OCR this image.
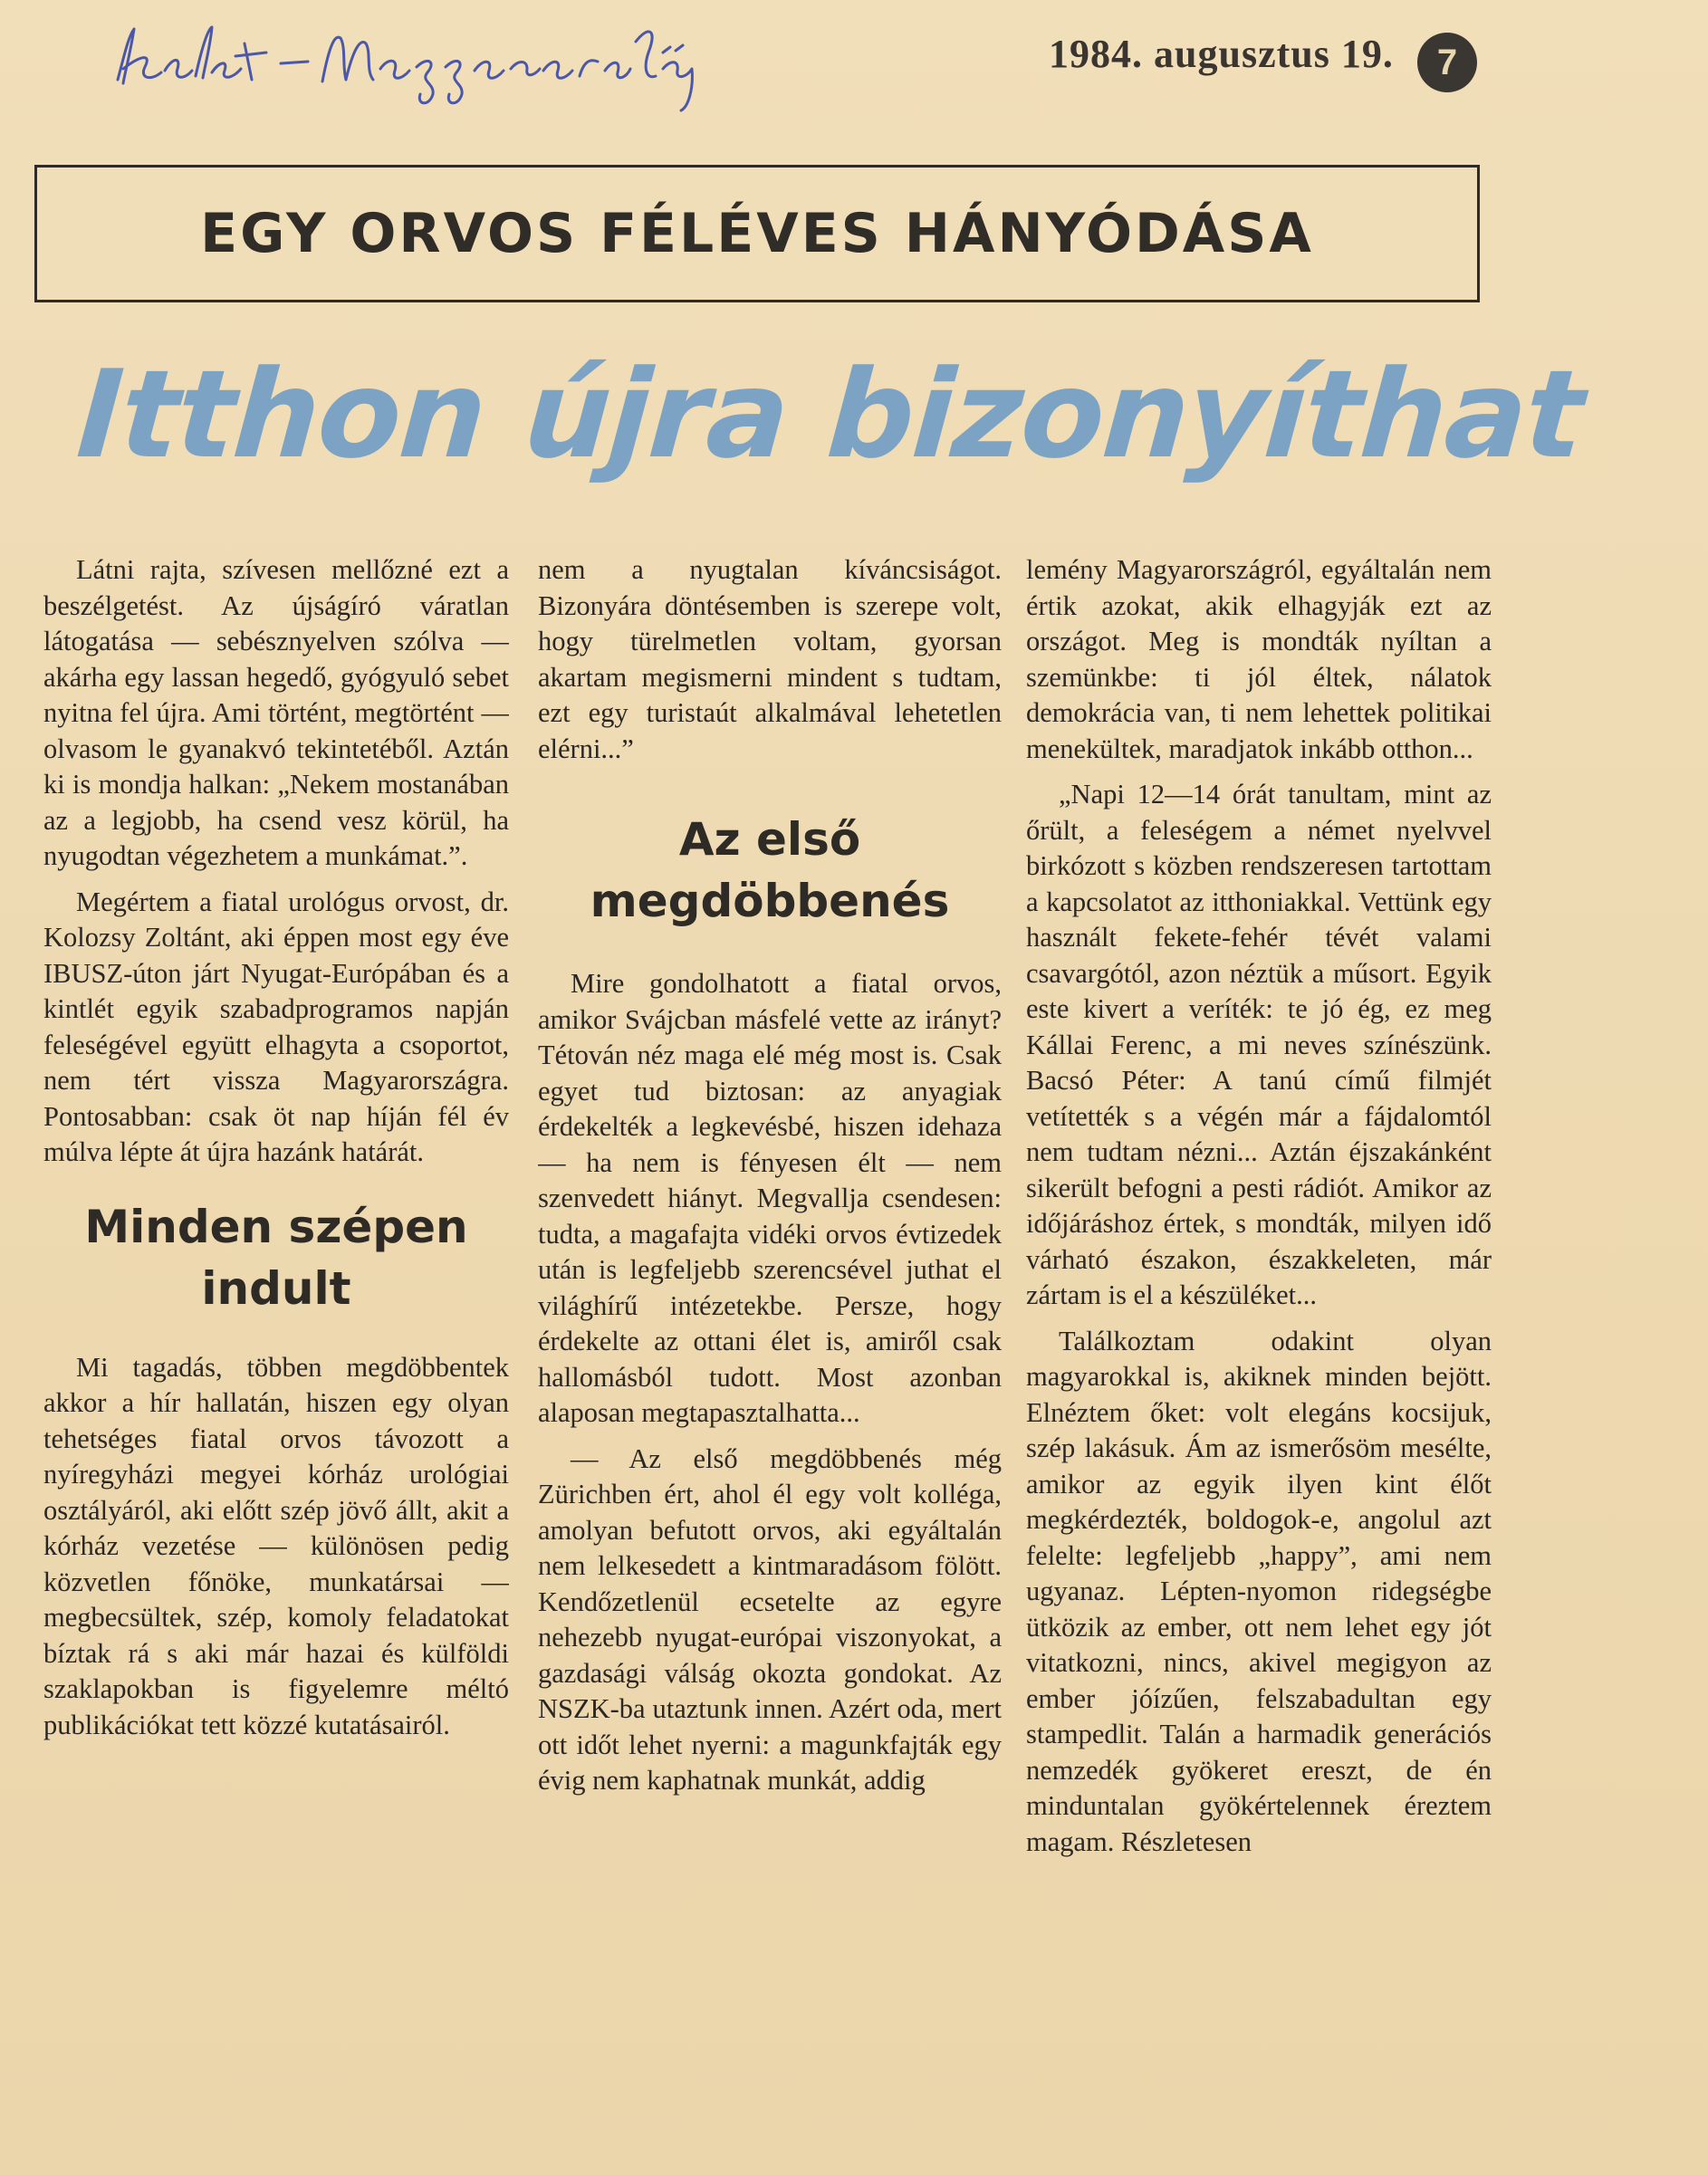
1984. augusztus 19.	7
EGY ORVOS FÉLÉVES HÁNYÓDÁSA
Itthon újra bizonyíthat

Látni rajta, szívesen mellőzné ezt a beszélgetést. Az újságíró váratlan látogatása — sebésznyelven szólva — akárha egy lassan hegedő, gyógyuló sebet nyitna fel újra. Ami történt, megtörtént — olvasom le gyanakvó tekintetéből. Aztán ki is mondja halkan: „Nekem mostanában az a legjobb, ha csend vesz körül, ha nyugodtan végezhetem a munkámat.”.

Megértem a fiatal urológus orvost, dr. Kolozsy Zoltánt, aki éppen most egy éve IBUSZ-úton járt Nyugat-Európában és a kintlét egyik szabadprogramos napján feleségével együtt elhagyta a csoportot, nem tért vissza Magyarországra. Pontosabban: csak öt nap híján fél év múlva lépte át újra hazánk határát.

Minden szépen
indult

Mi tagadás, többen megdöbbentek akkor a hír hallatán, hiszen egy olyan tehetséges fiatal orvos távozott a nyíregyházi megyei kórház urológiai osztályáról, aki előtt szép jövő állt, akit a kórház vezetése — különösen pedig közvetlen főnöke, munkatársai — megbecsültek, szép, komoly feladatokat bíztak rá s aki már hazai és külföldi szaklapokban is figyelemre méltó publikációkat tett közzé kutatásairól.

nem a nyugtalan kíváncsiságot. Bizonyára döntésemben is szerepe volt, hogy türelmetlen voltam, gyorsan akartam megismerni mindent s tudtam, ezt egy turistaút alkalmával lehetetlen elérni...”

Az első
megdöbbenés

Mire gondolhatott a fiatal orvos, amikor Svájcban másfelé vette az irányt? Tétován néz maga elé még most is. Csak egyet tud biztosan: az anyagiak érdekelték a legkevésbé, hiszen idehaza — ha nem is fényesen élt — nem szenvedett hiányt. Megvallja csendesen: tudta, a magafajta vidéki orvos évtizedek után is legfeljebb szerencsével juthat el világhírű intézetekbe. Persze, hogy érdekelte az ottani élet is, amiről csak hallomásból tudott. Most azonban alaposan megtapasztalhatta...

— Az első megdöbbenés még Zürichben ért, ahol él egy volt kolléga, amolyan befutott orvos, aki egyáltalán nem lelkesedett a kintmaradásom fölött. Kendőzetlenül ecsetelte az egyre nehezebb nyugat-európai viszonyokat, a gazdasági válság okozta gondokat. Az NSZK-ba utaztunk innen. Azért oda, mert ott időt lehet nyerni: a magunkfajták egy évig nem kaphatnak munkát, addig

lemény Magyarországról, egyáltalán nem értik azokat, akik elhagyják ezt az országot. Meg is mondták nyíltan a szemünkbe: ti jól éltek, nálatok demokrácia van, ti nem lehettek politikai menekültek, maradjatok inkább otthon...

„Napi 12—14 órát tanultam, mint az őrült, a feleségem a német nyelvvel birkózott s közben rendszeresen tartottam a kapcsolatot az itthoniakkal. Vettünk egy használt fekete-fehér tévét valami csavargótól, azon néztük a műsort. Egyik este kivert a veríték: te jó ég, ez meg Kállai Ferenc, a mi neves színészünk. Bacsó Péter: A tanú című filmjét vetítették s a végén már a fájdalomtól nem tudtam nézni... Aztán éjszakánként sikerült befogni a pesti rádiót. Amikor az időjáráshoz értek, s mondták, milyen idő várható északon, északkeleten, már zártam is el a készüléket...

Találkoztam odakint olyan magyarokkal is, akiknek minden bejött. Elnéztem őket: volt elegáns kocsijuk, szép lakásuk. Ám az ismerősöm mesélte, amikor az egyik ilyen kint élőt megkérdezték, boldogok-e, angolul azt felelte: legfeljebb „happy”, ami nem ugyanaz. Lépten-nyomon ridegségbe ütközik az ember, ott nem lehet egy jót vitatkozni, nincs, akivel megigyon az ember jóízűen, felszabadultan egy stampedlit. Talán a harmadik generációs nemzedék gyökeret ereszt, de én minduntalan gyökértelennek éreztem magam. Részletesen
